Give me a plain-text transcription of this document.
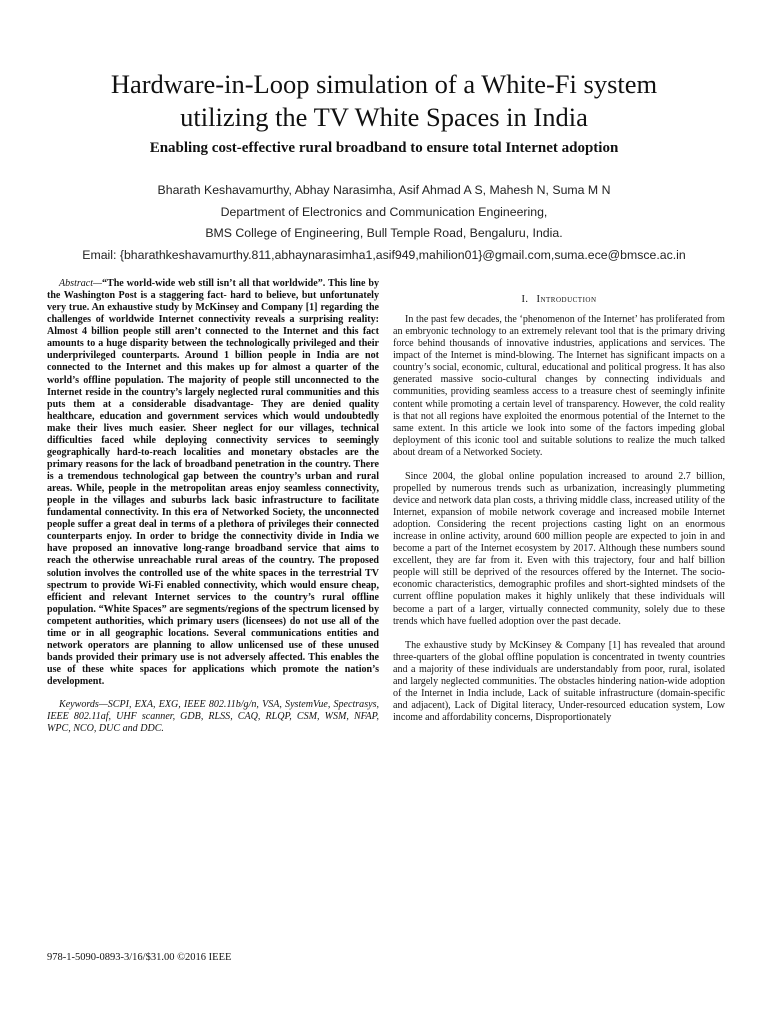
Hardware-in-Loop simulation of a White-Fi system
utilizing the TV White Spaces in India
Enabling cost-effective rural broadband to ensure total Internet adoption
Bharath Keshavamurthy, Abhay Narasimha, Asif Ahmad A S, Mahesh N, Suma M N
Department of Electronics and Communication Engineering,
BMS College of Engineering, Bull Temple Road, Bengaluru, India.
Email: {bharathkeshavamurthy.811,abhaynarasimha1,asif949,mahilion01}@gmail.com,suma.ece@bmsce.ac.in

Abstract—“The world-wide web still isn’t all that worldwide”. This line by the Washington Post is a staggering fact- hard to believe, but unfortunately very true. An exhaustive study by McKinsey and Company [1] regarding the challenges of worldwide Internet connectivity reveals a surprising reality: Almost 4 billion people still aren’t connected to the Internet and this fact amounts to a huge disparity between the technologically privileged and their underprivileged counterparts. Around 1 billion people in India are not connected to the Internet and this makes up for almost a quarter of the world’s offline population. The majority of people still unconnected to the Internet reside in the country’s largely neglected rural communities and this puts them at a considerable disadvantage- They are denied quality healthcare, education and government services which would undoubtedly make their lives much easier. Sheer neglect for our villages, technical difficulties faced while deploying connectivity services to seemingly geographically hard-to-reach localities and monetary obstacles are the primary reasons for the lack of broadband penetration in the country. There is a tremendous technological gap between the country’s urban and rural areas. While, people in the metropolitan areas enjoy seamless connectivity, people in the villages and suburbs lack basic infrastructure to facilitate fundamental connectivity. In this era of Networked Society, the unconnected people suffer a great deal in terms of a plethora of privileges their connected counterparts enjoy. In order to bridge the connectivity divide in India we have proposed an innovative long-range broadband service that aims to reach the otherwise unreachable rural areas of the country. The proposed solution involves the controlled use of the white spaces in the terrestrial TV spectrum to provide Wi-Fi enabled connectivity, which would ensure cheap, efficient and relevant Internet services to the country’s rural offline population. “White Spaces” are segments/regions of the spectrum licensed by competent authorities, which primary users (licensees) do not use all of the time or in all geographic locations. Several communications entities and network operators are planning to allow unlicensed use of these unused bands provided their primary use is not adversely affected. This enables the use of these white spaces for applications which promote the nation’s development.

Keywords—SCPI, EXA, EXG, IEEE 802.11b/g/n, VSA, SystemVue, Spectrasys, IEEE 802.11af, UHF scanner, GDB, RLSS, CAQ, RLQP, CSM, WSM, NFAP, WPC, NCO, DUC and DDC.

I. Introduction

In the past few decades, the ‘phenomenon of the Internet’ has proliferated from an embryonic technology to an extremely relevant tool that is the primary driving force behind thousands of innovative industries, applications and services. The impact of the Internet is mind-blowing. The Internet has significant impacts on a country’s social, economic, cultural, educational and political progress. It has also generated massive socio-cultural changes by connecting individuals and communities, providing seamless access to a treasure chest of seemingly infinite content while promoting a certain level of transparency. However, the cold reality is that not all regions have exploited the enormous potential of the Internet to the same extent. In this article we look into some of the factors impeding global deployment of this iconic tool and suitable solutions to realize the much talked about dream of a Networked Society.

Since 2004, the global online population increased to around 2.7 billion, propelled by numerous trends such as urbanization, increasingly plummeting device and network data plan costs, a thriving middle class, increased utility of the Internet, expansion of mobile network coverage and increased mobile Internet adoption. Considering the recent projections casting light on an enormous increase in online activity, around 600 million people are expected to join in and become a part of the Internet ecosystem by 2017. Although these numbers sound excellent, they are far from it. Even with this trajectory, four and half billion people will still be deprived of the resources offered by the Internet. The socio-economic characteristics, demographic profiles and short-sighted mindsets of the current offline population makes it highly unlikely that these individuals will become a part of a larger, virtually connected community, solely due to these trends which have fuelled adoption over the past decade.

The exhaustive study by McKinsey & Company [1] has revealed that around three-quarters of the global offline population is concentrated in twenty countries and a majority of these individuals are understandably from poor, rural, isolated and largely neglected communities. The obstacles hindering nation-wide adoption of the Internet in India include, Lack of suitable infrastructure (domain-specific and adjacent), Lack of Digital literacy, Under-resourced education system, Low income and affordability concerns, Disproportionately

978-1-5090-0893-3/16/$31.00 ©2016 IEEE
